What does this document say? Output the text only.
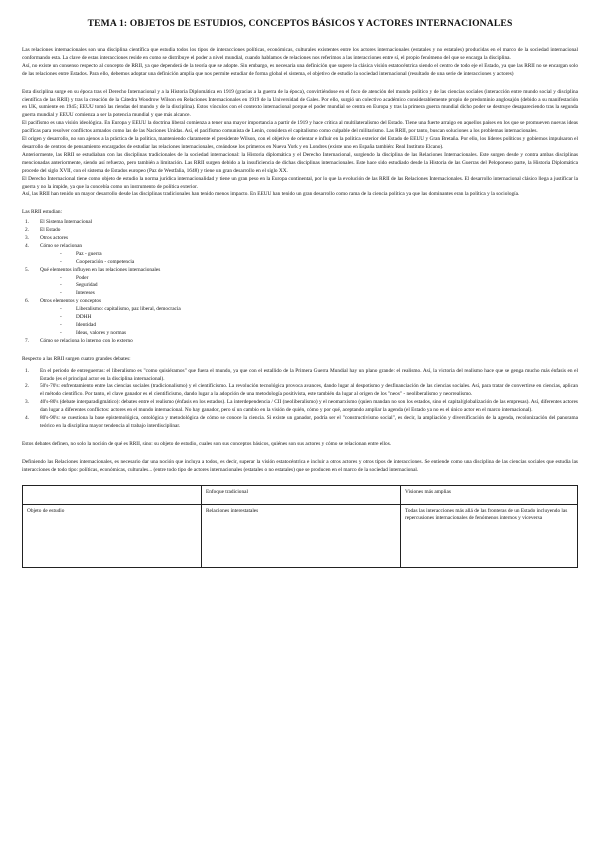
TEMA 1: OBJETOS DE ESTUDIOS, CONCEPTOS BÁSICOS Y ACTORES INTERNACIONALES

Las relaciones internacionales son una disciplina científica que estudia todos los tipos de interacciones políticas, económicas, culturales existentes entre los actores internacionales (estatales y no estatales) producidas en el marco de la sociedad internacional conformando esta. La clave de estas interacciones reside en como se distribuye el poder a nivel mundial, cuando hablamos de relaciones nos referimos a las interacciones entre sí, el propio fenómeno del que se encarga la disciplina.

Así, no existe un consenso respecto al concepto de RRII, ya que dependerá de la teoría que se adopte. Sin embargo, es necesaria una definición que supere la clásica visión estatocéntrica siendo el centro de todo eje el Estado, ya que las RRII no se encargan solo de las relaciones entre Estados. Para ello, debemos adoptar una definición amplia que nos permite estudiar de forma global el sistema, el objetivo de estudio la sociedad internacional (resultado de una serie de interacciones y actores)

Esta disciplina surge en su época tras el Derecho Internacional y a la Historia Diplomática en 1919 (gracias a la guerra de la época), convirtiéndose en el foco de atención del mundo político y de las ciencias sociales (interacción entre mundo social y disciplina científica de las RRII) y tras la creación de la Cátedra Woodrow Wilson en Relaciones Internacionales en 1919 de la Universidad de Gales. Por ello, surgió un colectivo académico considerablemente propio de predominio anglosajón (debido a su manifestación en UK, sumiente en 1945; EEUU tomó las riendas del mundo y de la disciplina). Estos vínculos con el contexto internacional porque el poder mundial se centra en Europa y tras la primera guerra mundial dicho poder se destruye desapareciendo tras la segunda guerra mundial y EEUU comienza a ser la potencia mundial y que más alcance.

El pacifismo es una visión ideológica. En Europa y EEUU la doctrina liberal comienza a tener una mayor importancia a partir de 1919 y hace crítica al multilateralismo del Estado. Tiene una fuerte arraigo en aquellos países en los que se promueven nuevas ideas pacíficas para resolver conflictos armados como las de las Naciones Unidas. Así, el pacifismo comunista de Lenin, considera el capitalismo como culpable del militarismo. Las RRII, por tanto, buscan soluciones a los problemas internacionales.

El origen y desarrollo, no son ajenos a la práctica de la política, manteniendo claramente el presidente Wilson, con el objetivo de orientar e influir en la política exterior del Estado de EEUU y Gran Bretaña. Por ello, los líderes políticos y gobiernos impulsaron el desarrollo de centros de pensamiento encargados de estudiar las relaciones internacionales, creándose los primeros en Nueva York y en Londres (existe uno en España también: Real Instituto Elcano).

Anteriormente, las RRII se estudiaban con las disciplinas tradicionales de la sociedad internacional: la Historia diplomática y el Derecho Internacional, surgiendo la disciplina de las Relaciones Internacionales. Este surgen desde y contra ambas disciplinas mencionadas anteriormente, siendo así refuerzo, pero también a limitación. Las RRII surgen debido a la insuficiencia de dichas disciplinas internacionales. Este hace sido estudiado desde la Historia de las Guerras del Peloponeso parte, la Historia Diplomática procede del siglo XVII, con el sistema de Estados europeo (Paz de Westfalia, 1648) y tiene un gran desarrollo en el siglo XX.

El Derecho Internacional tiene como objeto de estudio la norma jurídica internacionalidad y tiene un gran peso en la Europa continental, por lo que la evolución de las RRII de las Relaciones Internacionales. El desarrollo internacional clásico llega a justificar la guerra y no la impide, ya que la concebía como un instrumento de política exterior.

Así, las RRII han tenido un mayor desarrollo desde las disciplinas tradicionales han tenido menos impacto. En EEUU han tenido un gran desarrollo como rama de la ciencia política ya que las dominantes eran la política y la sociología.

Las RRII estudian:

1. El Sistema Internacional
2. El Estado
3. Otros actores
4. Cómo se relacionan
-	Paz - guerra
-	Cooperación - competencia
5. Qué elementos influyen en las relaciones internacionales
-	Poder
-	Seguridad
-	Intereses
6. Otros elementos y conceptos
-	Liberalismo: capitalismo, paz liberal, democracia
-	DDHH
-	Identidad
-	Ideas, valores y normas
7. Cómo se relaciona lo interno con lo externo

Respecto a las RRII surgen cuatro grandes debates:

1. En el periodo de entreguerras: el liberalismo es "como quisiéramos" que fuera el mundo, ya que con el estallido de la Primera Guerra Mundial hay un plano grande: el realismo. Así, la victoria del realismo hace que se genga mucho más énfasis en el Estado (es el principal actor en la disciplina internacional).
2. 50's-70's: enfrentamiento entre las ciencias sociales (tradicionalismo) y el cientificismo. La revolución tecnológica provoca avances, dando lugar al despotismo y desfinanciación de las ciencias sociales. Así, para tratar de convertirse en ciencias, aplican el método científico. Por tanto, el clave ganador es el cientificismo, dando lugar a la adopción de una metodología positivista, este también da lugar al origen de los "neos" - neoliberalismo y neorrealismo.
3. 40's-80's (debate interparadigmático): debates entre el realismo (énfasis en los estados). La interdependencia / CII (neoliberalismo) y el neomarxismo (quien mandan no son los estados, sino el capital/globalización de las empresas). Así, diferentes actores dan lugar a diferentes conflictos: actores en el mundo internacional. No hay ganador, pero sí un cambio en la visión de quién, cómo y por qué, aceptando ampliar la agenda (el Estado ya no es el único actor en el marco internacional).
4. 80's-90's: se cuestiona la base epistemológica, ontológica y metodológica de cómo se conoce la ciencia. Si existe un ganador, podría ser el "constructivismo social", es decir, la ampliación y diversificación de la agenda, recolonización del panorama teórico en la disciplina mayor tendencia al trabajo interdisciplinar.

Estos debates definen, no solo la noción de qué es RRII, sino: su objeto de estudio, cuales son sus conceptos básicos, quiénes son sus actores y cómo se relacionan entre ellos.

Definiendo las Relaciones internacionales, es necesario dar una noción que incluya a todos, es decir, superar la visión estatocéntrica e incluir a otros actores y otros tipos de interacciones. Se entiende como una disciplina de las ciencias sociales que estudia las interacciones de todo tipo: políticas, económicas, culturales... (entre todo tipo de actores internacionales (estatales o no estatales) que se producen en el marco de la sociedad internacional.

	Enfoque tradicional	Visiones más amplias
Objeto de estudio	Relaciones interestatales	Todas las interacciones más allá de las fronteras de un Estado incluyendo las repercusiones internacionales de fenómenos internos y viceversa
